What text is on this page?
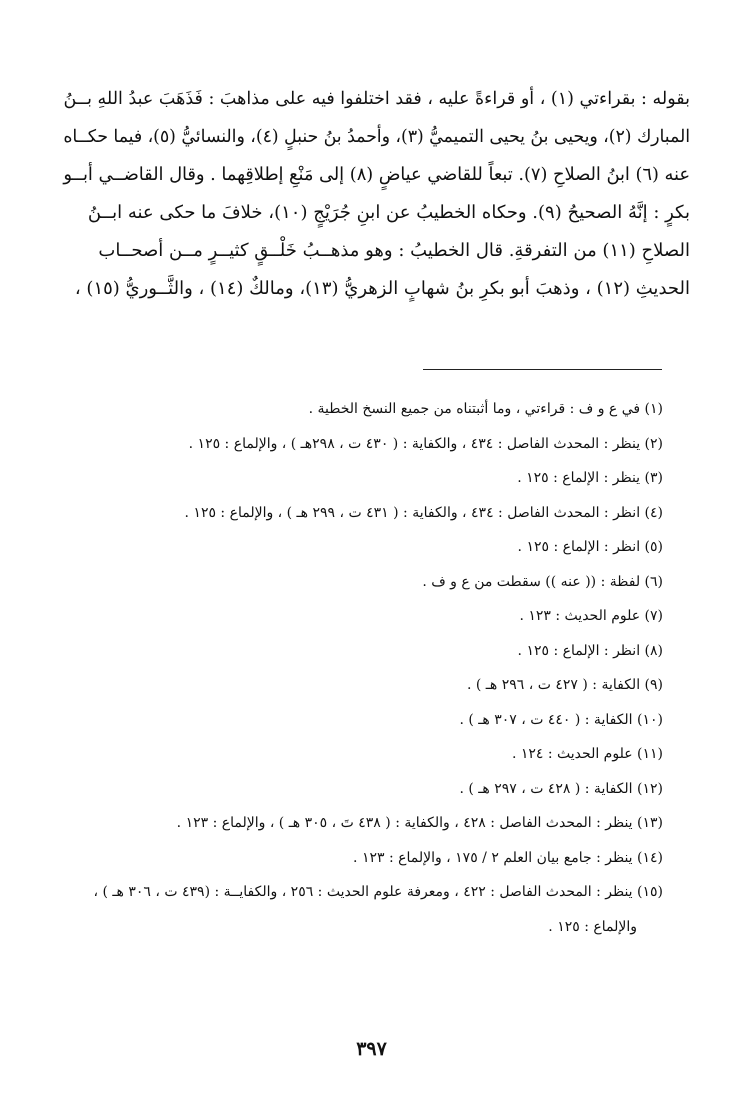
بقوله : بقراءتي (١) ، أو قراءةً عليه ، فقد اختلفوا فيه على مذاهبَ : فَذَهَبَ عبدُ اللهِ بــنُ
المبارك (٢)، ويحيى بنُ يحيى التميميُّ (٣)، وأحمدُ بنُ حنبلٍ (٤)، والنسائيُّ (٥)، فيما حكــاه
عنه (٦) ابنُ الصلاحِ (٧). تبعاً للقاضي عياضٍ (٨) إلى مَنْعِ إطلاقِهما . وقال القاضــي أبــو
بكرٍ : إنَّهُ الصحيحُ (٩). وحكاه الخطيبُ عن ابنِ جُرَيْجٍ (١٠)، خلافَ ما حكى عنه ابــنُ
الصلاحِ (١١) من التفرقةِ. قال الخطيبُ : وهو مذهــبُ خَلْــقٍ كثيــرٍ مــن أصحــاب
الحديثِ (١٢) ، وذهبَ أبو بكرِ بنُ شهابٍ الزهريُّ (١٣)، ومالكٌ (١٤) ، والثَّــوريُّ (١٥) ،
(١) في ع و ف : قراءتي ، وما أثبتناه من جميع النسخ الخطية .
(٢) ينظر : المحدث الفاصل : ٤٣٤ ، والكفاية : ( ٤٣٠ ت ، ٢٩٨هـ ) ، والإلماع : ١٢٥ .
(٣) ينظر : الإلماع : ١٢٥ .
(٤) انظر : المحدث الفاصل : ٤٣٤ ، والكفاية : ( ٤٣١ ت ، ٢٩٩ هـ ) ، والإلماع : ١٢٥ .
(٥) انظر : الإلماع : ١٢٥ .
(٦) لفظة : (( عنه )) سقطت من ع و ف .
(٧) علوم الحديث : ١٢٣ .
(٨) انظر : الإلماع : ١٢٥ .
(٩) الكفاية : ( ٤٢٧ ت ، ٢٩٦ هـ ) .
(١٠) الكفاية : ( ٤٤٠ ت ، ٣٠٧ هـ ) .
(١١) علوم الحديث : ١٢٤ .
(١٢) الكفاية : ( ٤٢٨ ت ، ٢٩٧ هـ ) .
(١٣) ينظر : المحدث الفاصل : ٤٢٨ ، والكفاية : ( ٤٣٨ تَ ، ٣٠٥ هـ ) ، والإلماع : ١٢٣ .
(١٤) ينظر : جامع بيان العلم ٢ / ١٧٥ ، والإلماع : ١٢٣ .
(١٥) ينظر : المحدث الفاصل : ٤٢٢ ، ومعرفة علوم الحديث : ٢٥٦ ، والكفايــة : (٤٣٩ ت ، ٣٠٦ هـ ) ،
والإلماع : ١٢٥ .
٣٩٧
